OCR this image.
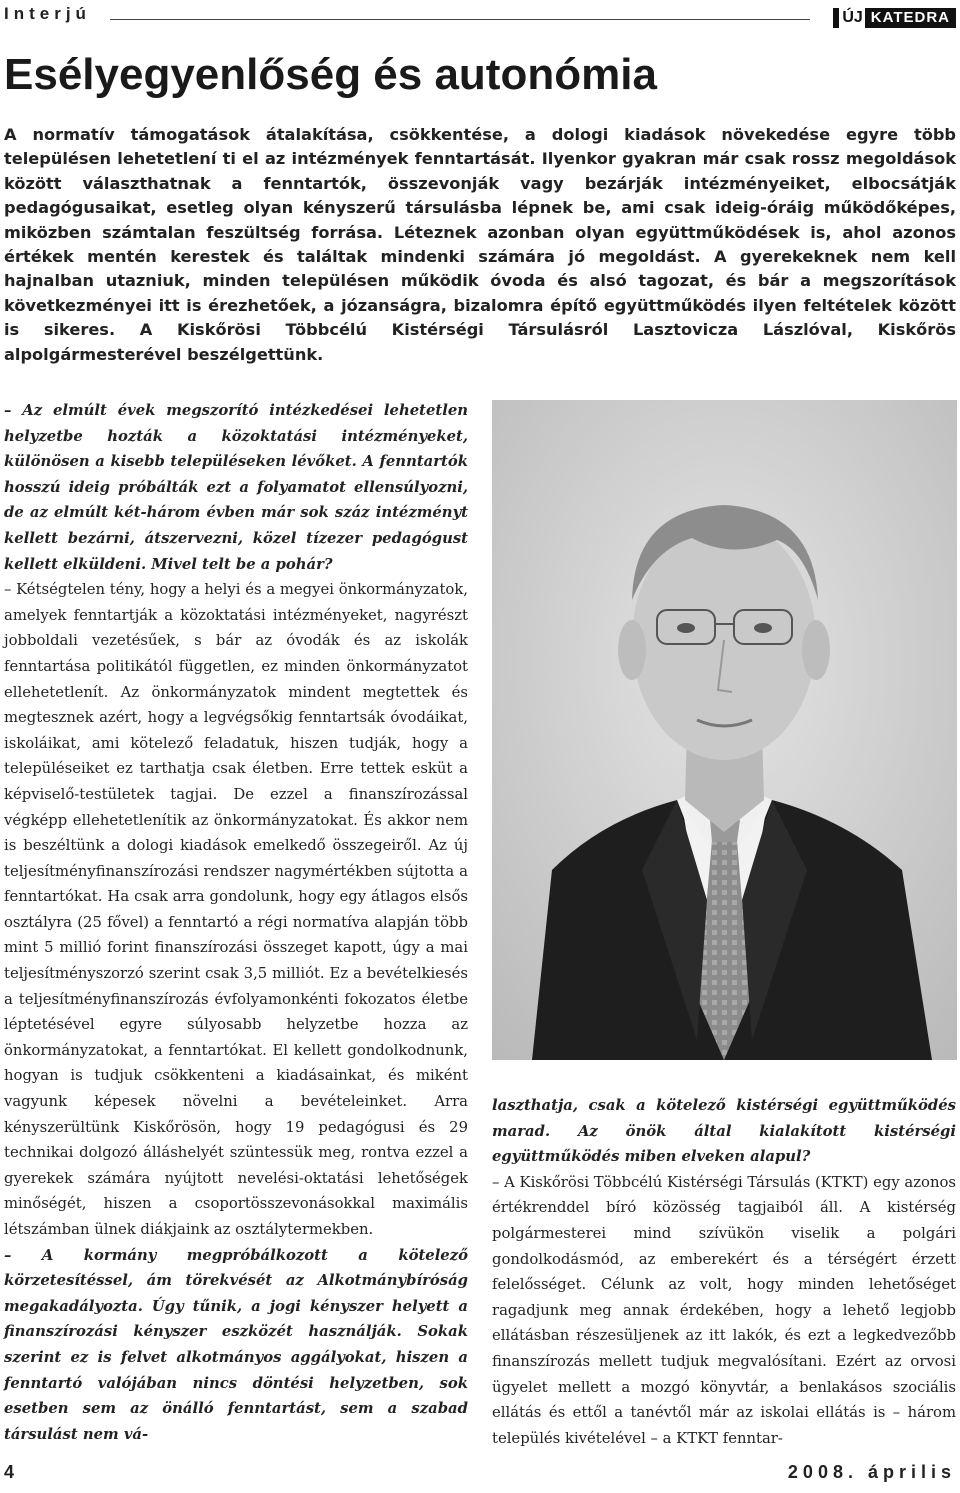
Interjú	ÚJ KATEDRA
Esélyegyenlőség és autonómia

A normatív támogatások átalakítása, csökkentése, a dologi kiadások növekedése egyre több településen lehetetlení ti el az intézmények fenntartását. Ilyenkor gyakran már csak rossz megoldások között választhatnak a fenntartók, összevonják vagy bezárják intézményeiket, elbocsátják pedagógusaikat, esetleg olyan kényszerű társulásba lépnek be, ami csak ideig-óráig működőképes, miközben számtalan feszültség forrása. Léteznek azonban olyan együttműködések is, ahol azonos értékek mentén kerestek és találtak mindenki számára jó megoldást. A gyerekeknek nem kell hajnalban utazniuk, minden településen működik óvoda és alsó tagozat, és bár a megszorítások következményei itt is érezhetőek, a józanságra, bizalomra építő együttműködés ilyen feltételek között is sikeres. A Kiskőrösi Többcélú Kistérségi Társulásról Lasztovicza Lászlóval, Kiskőrös alpolgármesterével beszélgettünk.

– Az elmúlt évek megszorító intézkedései lehetetlen helyzetbe hozták a közoktatási intézményeket, különösen a kisebb településeken lévőket. A fenntartók hosszú ideig próbálták ezt a folyamatot ellensúlyozni, de az elmúlt két-három évben már sok száz intézményt kellett bezárni, átszervezni, közel tízezer pedagógust kellett elküldeni. Mivel telt be a pohár?

– Kétségtelen tény, hogy a helyi és a megyei önkormányzatok, amelyek fenntartják a közoktatási intézményeket, nagyrészt jobboldali vezetésűek, s bár az óvodák és az iskolák fenntartása politikától független, ez minden önkormányzatot ellehetetlenít. Az önkormányzatok mindent megtettek és megtesznek azért, hogy a legvégsőkig fenntartsák óvodáikat, iskoláikat, ami kötelező feladatuk, hiszen tudják, hogy a településeiket ez tarthatja csak életben. Erre tettek esküt a képviselő-testületek tagjai. De ezzel a finanszírozással végképp ellehetetlenítik az önkormányzatokat. És akkor nem is beszéltünk a dologi kiadások emelkedő összegeiről. Az új teljesítményfinanszírozási rendszer nagymértékben sújtotta a fenntartókat. Ha csak arra gondolunk, hogy egy átlagos elsős osztályra (25 fővel) a fenntartó a régi normatíva alapján több mint 5 millió forint finanszírozási összeget kapott, úgy a mai teljesítményszorzó szerint csak 3,5 milliót. Ez a bevételkiesés a teljesítményfinanszírozás évfolyamonkénti fokozatos életbe léptetésével egyre súlyosabb helyzetbe hozza az önkormányzatokat, a fenntartókat. El kellett gondolkodnunk, hogyan is tudjuk csökkenteni a kiadásainkat, és miként vagyunk képesek növelni a bevételeinket. Arra kényszerültünk Kiskőrösön, hogy 19 pedagógusi és 29 technikai dolgozó álláshelyét szüntessük meg, rontva ezzel a gyerekek számára nyújtott nevelési-oktatási lehetőségek minőségét, hiszen a csoportösszevonásokkal maximális létszámban ülnek diákjaink az osztálytermekben.

– A kormány megpróbálkozott a kötelező körzetesítéssel, ám törekvését az Alkotmánybíróság megakadályozta. Úgy tűnik, a jogi kényszer helyett a finanszírozási kényszer eszközét használják. Sokak szerint ez is felvet alkotmányos aggályokat, hiszen a fenntartó valójában nincs döntési helyzetben, sok esetben sem az önálló fenntartást, sem a szabad társulást nem vá-

laszthatja, csak a kötelező kistérségi együttműködés marad. Az önök által kialakított kistérségi együttműködés miben elveken alapul?

– A Kiskőrösi Többcélú Kistérségi Társulás (KTKT) egy azonos értékrenddel bíró közösség tagjaiból áll. A kistérség polgármesterei mind szívükön viselik a polgári gondolkodásmód, az emberekért és a térségért érzett felelősséget. Célunk az volt, hogy minden lehetőséget ragadjunk meg annak érdekében, hogy a lehető legjobb ellátásban részesüljenek az itt lakók, és ezt a legkedvezőbb finanszírozás mellett tudjuk megvalósítani. Ezért az orvosi ügyelet mellett a mozgó könyvtár, a benlakásos szociális ellátás és ettől a tanévtől már az iskolai ellátás is – három település kivételével – a KTKT fenntar-

4	2008. április
